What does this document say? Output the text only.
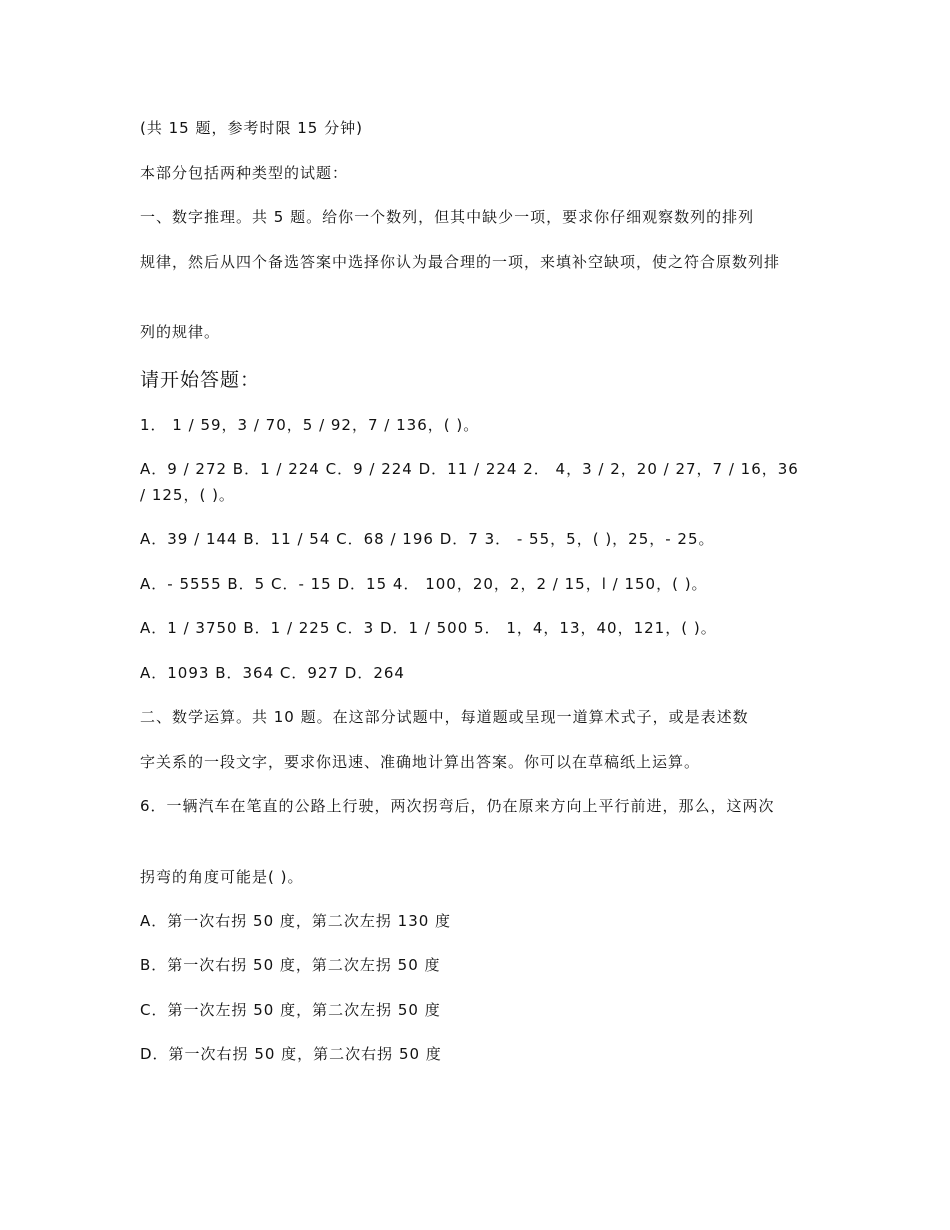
(共 15 题，参考时限 15 分钟)
本部分包括两种类型的试题：
一、数字推理。共 5 题。给你一个数列，但其中缺少一项，要求你仔细观察数列的排列
规律，然后从四个备选答案中选择你认为最合理的一项，来填补空缺项，使之符合原数列排
列的规律。
请开始答题：
1． 1 / 59，3 / 70，5 / 92，7 / 136，( )。
A．9 / 272 B．1 / 224 C．9 / 224 D．11 / 224 2． 4，3 / 2，20 / 27，7 / 16，36 / 125，( )。
A．39 / 144 B．11 / 54 C．68 / 196 D．7 3． - 55，5，( )，25，- 25。
A．- 5555 B．5 C．- 15 D．15 4． 100，20，2，2 / 15，l / 150，( )。
A．1 / 3750 B．1 / 225 C．3 D．1 / 500 5． 1，4，13，40，121，( )。
A．1093 B．364 C．927 D．264
二、数学运算。共 10 题。在这部分试题中，每道题或呈现一道算术式子，或是表述数
字关系的一段文字，要求你迅速、准确地计算出答案。你可以在草稿纸上运算。
6．一辆汽车在笔直的公路上行驶，两次拐弯后，仍在原来方向上平行前进，那么，这两次
拐弯的角度可能是( )。
A．第一次右拐 50 度，第二次左拐 130 度
B．第一次右拐 50 度，第二次左拐 50 度
C．第一次左拐 50 度，第二次左拐 50 度
D．第一次右拐 50 度，第二次右拐 50 度
